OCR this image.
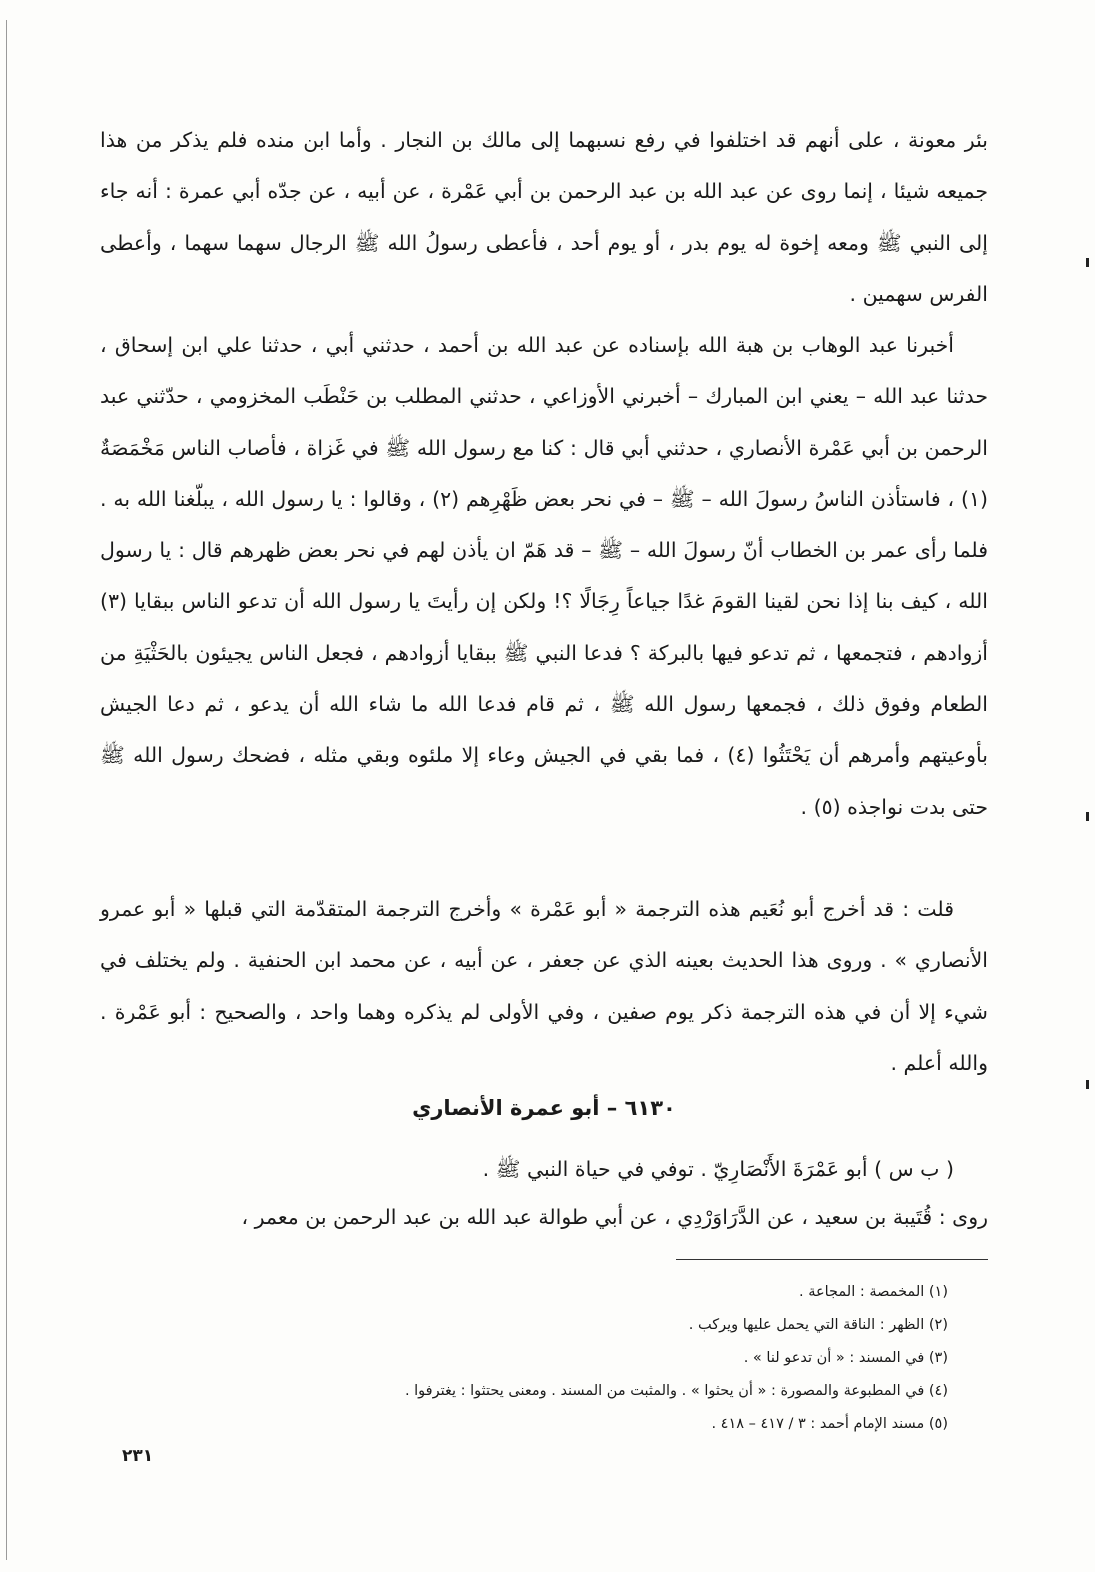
بئر معونة ، على أنهم قد اختلفوا في رفع نسبهما إلى مالك بن النجار . وأما ابن منده فلم يذكر من هذا جميعه شيئا ، إنما روى عن عبد الله بن عبد الرحمن بن أبي عَمْرة ، عن أبيه ، عن جدّه أبي عمرة : أنه جاء إلى النبي ﷺ ومعه إخوة له يوم بدر ، أو يوم أحد ، فأعطى رسولُ الله ﷺ الرجال سهما سهما ، وأعطى الفرس سهمين .

أخبرنا عبد الوهاب بن هبة الله بإسناده عن عبد الله بن أحمد ، حدثني أبي ، حدثنا علي ابن إسحاق ، حدثنا عبد الله – يعني ابن المبارك – أخبرني الأوزاعي ، حدثني المطلب بن حَنْطَب المخزومي ، حدّثني عبد الرحمن بن أبي عَمْرة الأنصاري ، حدثني أبي قال : كنا مع رسول الله ﷺ في غَزاة ، فأصاب الناس مَخْمَصَةٌ (١) ، فاستأذن الناسُ رسولَ الله – ﷺ – في نحر بعض ظَهْرِهم (٢) ، وقالوا : يا رسول الله ، يبلّغنا الله به . فلما رأى عمر بن الخطاب أنّ رسولَ الله – ﷺ – قد هَمّ ان يأذن لهم في نحر بعض ظهرهم قال : يا رسول الله ، كيف بنا إذا نحن لقينا القومَ غدًا جياعاً رِجَالًا ؟! ولكن إن رأيتَ يا رسول الله أن تدعو الناس ببقايا (٣) أزوادهم ، فتجمعها ، ثم تدعو فيها بالبركة ؟ فدعا النبي ﷺ ببقايا أزوادهم ، فجعل الناس يجيئون بالحَثْيَةِ من الطعام وفوق ذلك ، فجمعها رسول الله ﷺ ، ثم قام فدعا الله ما شاء الله أن يدعو ، ثم دعا الجيش بأوعيتهم وأمرهم أن يَحْتَثُوا (٤) ، فما بقي في الجيش وعاء إلا ملئوه وبقي مثله ، فضحك رسول الله ﷺ حتى بدت نواجذه (٥) .

قلت : قد أخرج أبو نُعَيم هذه الترجمة « أبو عَمْرة » وأخرج الترجمة المتقدّمة التي قبلها « أبو عمرو الأنصاري » . وروى هذا الحديث بعينه الذي عن جعفر ، عن أبيه ، عن محمد ابن الحنفية . ولم يختلف في شيء إلا أن في هذه الترجمة ذكر يوم صفين ، وفي الأولى لم يذكره وهما واحد ، والصحيح : أبو عَمْرة . والله أعلم .

٦١٣٠ – أبو عمرة الأنصاري

( ب س ) أبو عَمْرَةَ الأَنْصَارِيّ . توفي في حياة النبي ﷺ .

روى : قُتَيبة بن سعيد ، عن الدَّرَاوَرْدِي ، عن أبي طوالة عبد الله بن عبد الرحمن بن معمر ،

(١) المخمصة : المجاعة .
(٢) الظهر : الناقة التي يحمل عليها ويركب .
(٣) في المسند : « أن تدعو لنا » .
(٤) في المطبوعة والمصورة : « أن يحثوا » . والمثبت من المسند . ومعنى يحتثوا : يغترفوا .
(٥) مسند الإمام أحمد : ٣ / ٤١٧ – ٤١٨ .
٢٣١
